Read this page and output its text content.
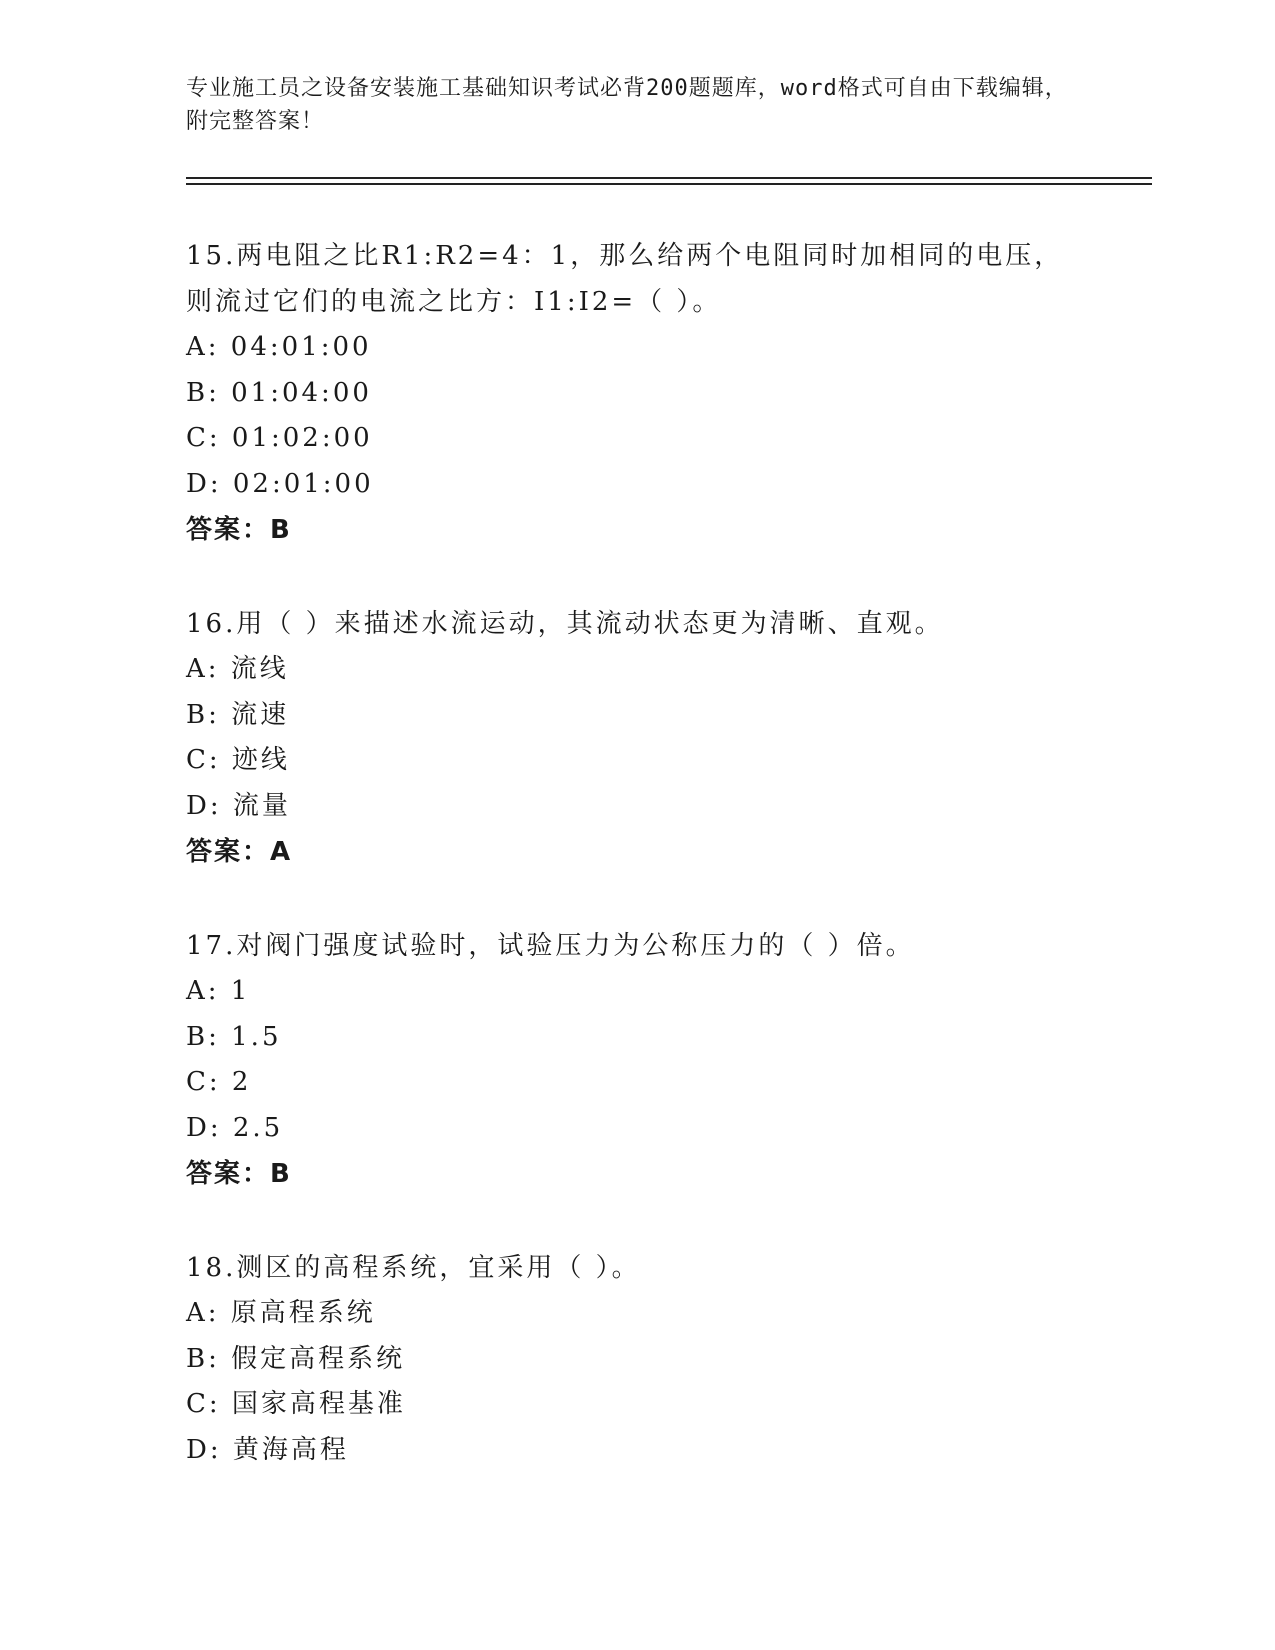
专业施工员之设备安装施工基础知识考试必背200题题库，word格式可自由下载编辑，附完整答案！

15.两电阻之比R1:R2=4：1，那么给两个电阻同时加相同的电压，则流过它们的电流之比方：I1:I2=（ ）。

A: 04:01:00
B: 01:04:00
C: 01:02:00
D: 02:01:00
答案：B

16.用（ ）来描述水流运动，其流动状态更为清晰、直观。

A: 流线
B: 流速
C: 迹线
D: 流量
答案：A

17.对阀门强度试验时，试验压力为公称压力的（ ）倍。

A: 1
B: 1.5
C: 2
D: 2.5
答案：B

18.测区的高程系统，宜采用（ ）。

A: 原高程系统
B: 假定高程系统
C: 国家高程基准
D: 黄海高程
